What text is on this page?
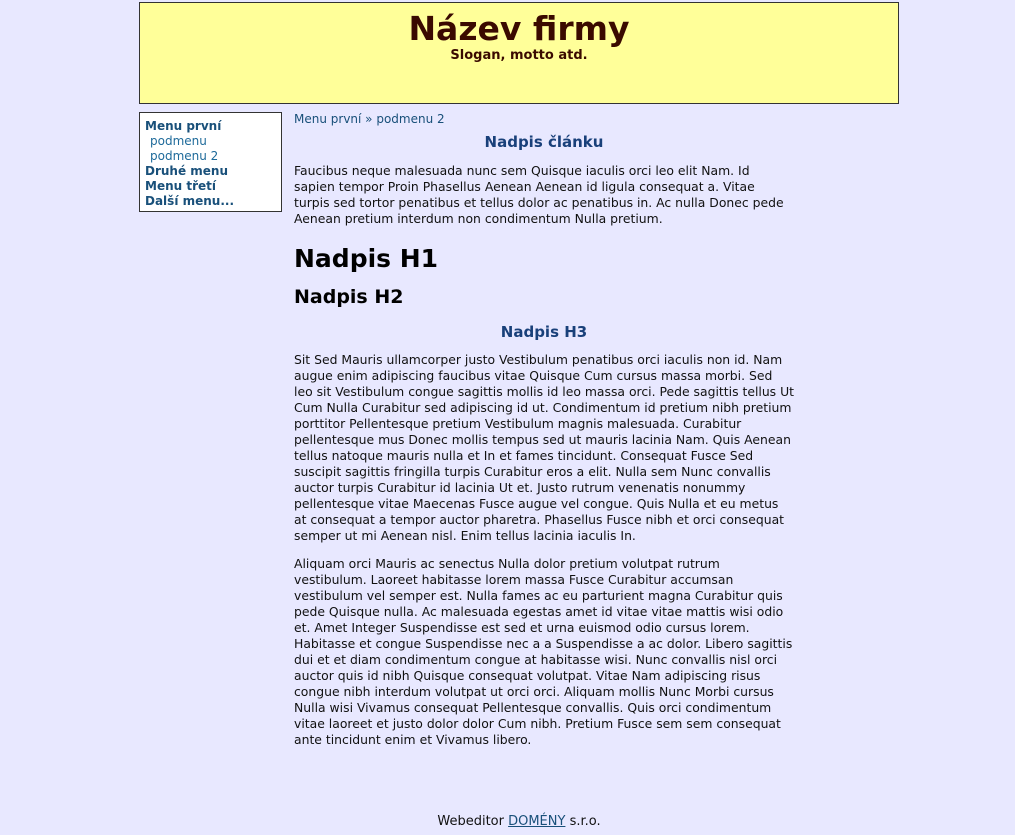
Název firmy
Slogan, motto atd.
Menu první
podmenu
podmenu 2
Druhé menu
Menu třetí
Další menu...
Menu první » podmenu 2
Nadpis článku

Faucibus neque malesuada nunc sem Quisque iaculis orci leo elit Nam. Id sapien tempor Proin Phasellus Aenean Aenean id ligula consequat a. Vitae turpis sed tortor penatibus et tellus dolor ac penatibus in. Ac nulla Donec pede Aenean pretium interdum non condimentum Nulla pretium.

Nadpis H1
Nadpis H2
Nadpis H3

Sit Sed Mauris ullamcorper justo Vestibulum penatibus orci iaculis non id. Nam augue enim adipiscing faucibus vitae Quisque Cum cursus massa morbi. Sed leo sit Vestibulum congue sagittis mollis id leo massa orci. Pede sagittis tellus Ut Cum Nulla Curabitur sed adipiscing id ut. Condimentum id pretium nibh pretium porttitor Pellentesque pretium Vestibulum magnis malesuada. Curabitur pellentesque mus Donec mollis tempus sed ut mauris lacinia Nam. Quis Aenean tellus natoque mauris nulla et In et fames tincidunt. Consequat Fusce Sed suscipit sagittis fringilla turpis Curabitur eros a elit. Nulla sem Nunc convallis auctor turpis Curabitur id lacinia Ut et. Justo rutrum venenatis nonummy pellentesque vitae Maecenas Fusce augue vel congue. Quis Nulla et eu metus at consequat a tempor auctor pharetra. Phasellus Fusce nibh et orci consequat semper ut mi Aenean nisl. Enim tellus lacinia iaculis In.

Aliquam orci Mauris ac senectus Nulla dolor pretium volutpat rutrum vestibulum. Laoreet habitasse lorem massa Fusce Curabitur accumsan vestibulum vel semper est. Nulla fames ac eu parturient magna Curabitur quis pede Quisque nulla. Ac malesuada egestas amet id vitae vitae mattis wisi odio et. Amet Integer Suspendisse est sed et urna euismod odio cursus lorem. Habitasse et congue Suspendisse nec a a Suspendisse a ac dolor. Libero sagittis dui et et diam condimentum congue at habitasse wisi. Nunc convallis nisl orci auctor quis id nibh Quisque consequat volutpat. Vitae Nam adipiscing risus congue nibh interdum volutpat ut orci orci. Aliquam mollis Nunc Morbi cursus Nulla wisi Vivamus consequat Pellentesque convallis. Quis orci condimentum vitae laoreet et justo dolor dolor Cum nibh. Pretium Fusce sem sem consequat ante tincidunt enim et Vivamus libero.

Webeditor DOMÉNY s.r.o.
